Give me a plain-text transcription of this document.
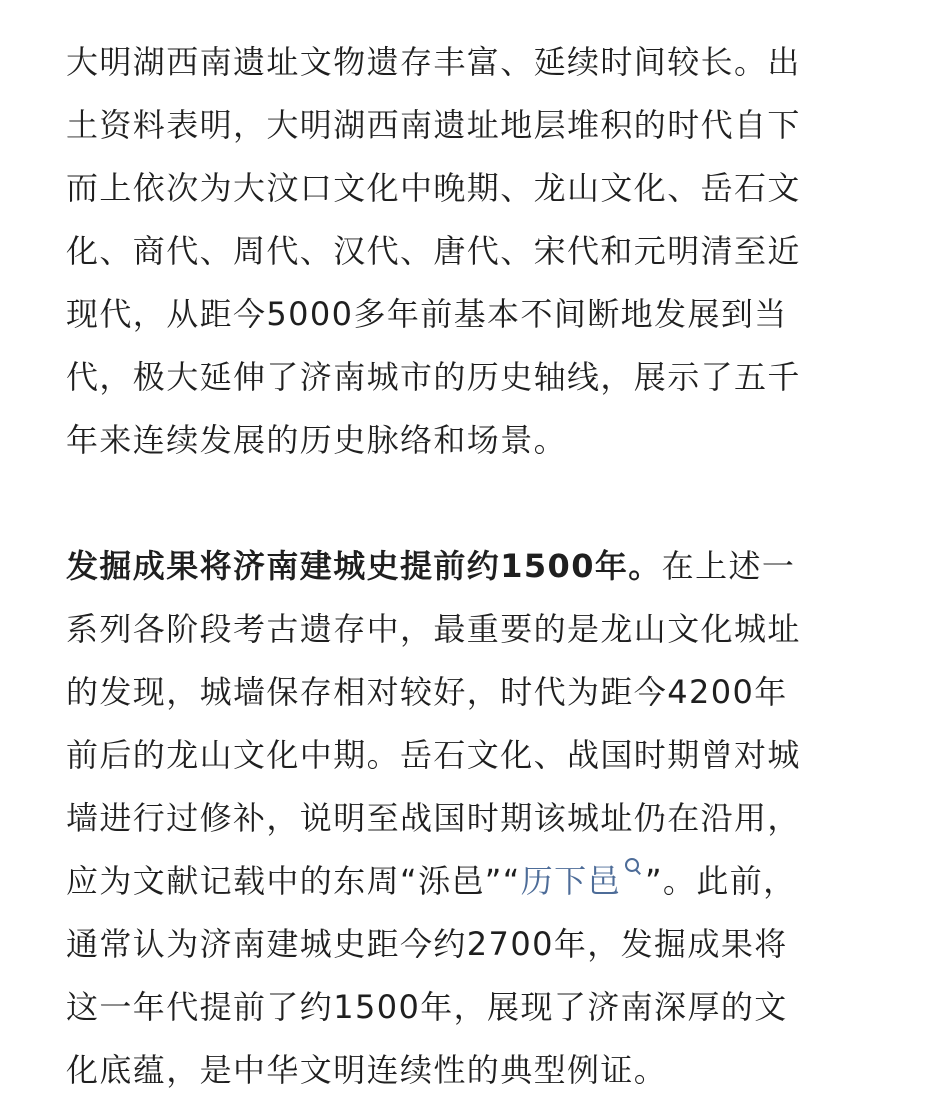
大明湖西南遗址文物遗存丰富、延续时间较长。出
土资料表明，大明湖西南遗址地层堆积的时代自下
而上依次为大汶口文化中晚期、龙山文化、岳石文
化、商代、周代、汉代、唐代、宋代和元明清至近
现代，从距今5000多年前基本不间断地发展到当
代，极大延伸了济南城市的历史轴线，展示了五千
年来连续发展的历史脉络和场景。
发掘成果将济南建城史提前约1500年。在上述一
系列各阶段考古遗存中，最重要的是龙山文化城址
的发现，城墙保存相对较好，时代为距今4200年
前后的龙山文化中期。岳石文化、战国时期曾对城
墙进行过修补，说明至战国时期该城址仍在沿用，
应为文献记载中的东周“泺邑”“历下邑 ”。此前，
通常认为济南建城史距今约2700年，发掘成果将
这一年代提前了约1500年，展现了济南深厚的文
化底蕴，是中华文明连续性的典型例证。
